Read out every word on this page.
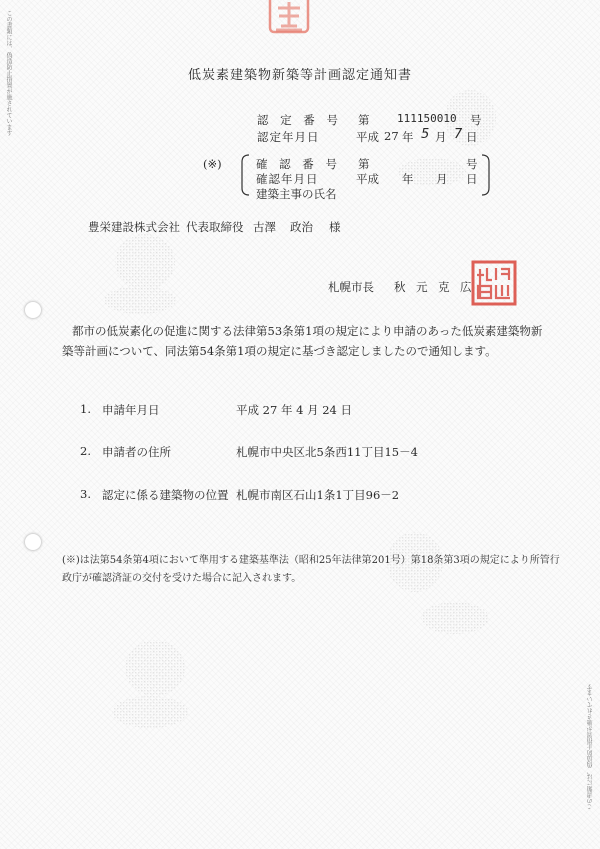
この書類には、偽造防止措置が施されています
この書類には、偽造防止措置が施されています
低炭素建築物新築等計画認定通知書
認 定 番 号 第	111150010 号
認定年月日	平成 27 年 5 月 7 日
(※)	確 認 番 号 第	号
確認年月日	平成 年 月 日
建築主事の氏名
豊栄建設株式会社 代表取締役 古澤 政治 様
札幌市長 秋 元 克 広
都市の低炭素化の促進に関する法律第53条第1項の規定により申請のあった低炭素建築物新築等計画について、同法第54条第1項の規定に基づき認定しましたので通知します。
1. 申請年月日	平成 27 年 4 月 24 日
2. 申請者の住所	札幌市中央区北5条西11丁目15－4
3. 認定に係る建築物の位置 札幌市南区石山1条1丁目96－2
(※)は法第54条第4項において準用する建築基準法（昭和25年法律第201号）第18条第3項の規定により所管行政庁が確認済証の交付を受けた場合に記入されます。
